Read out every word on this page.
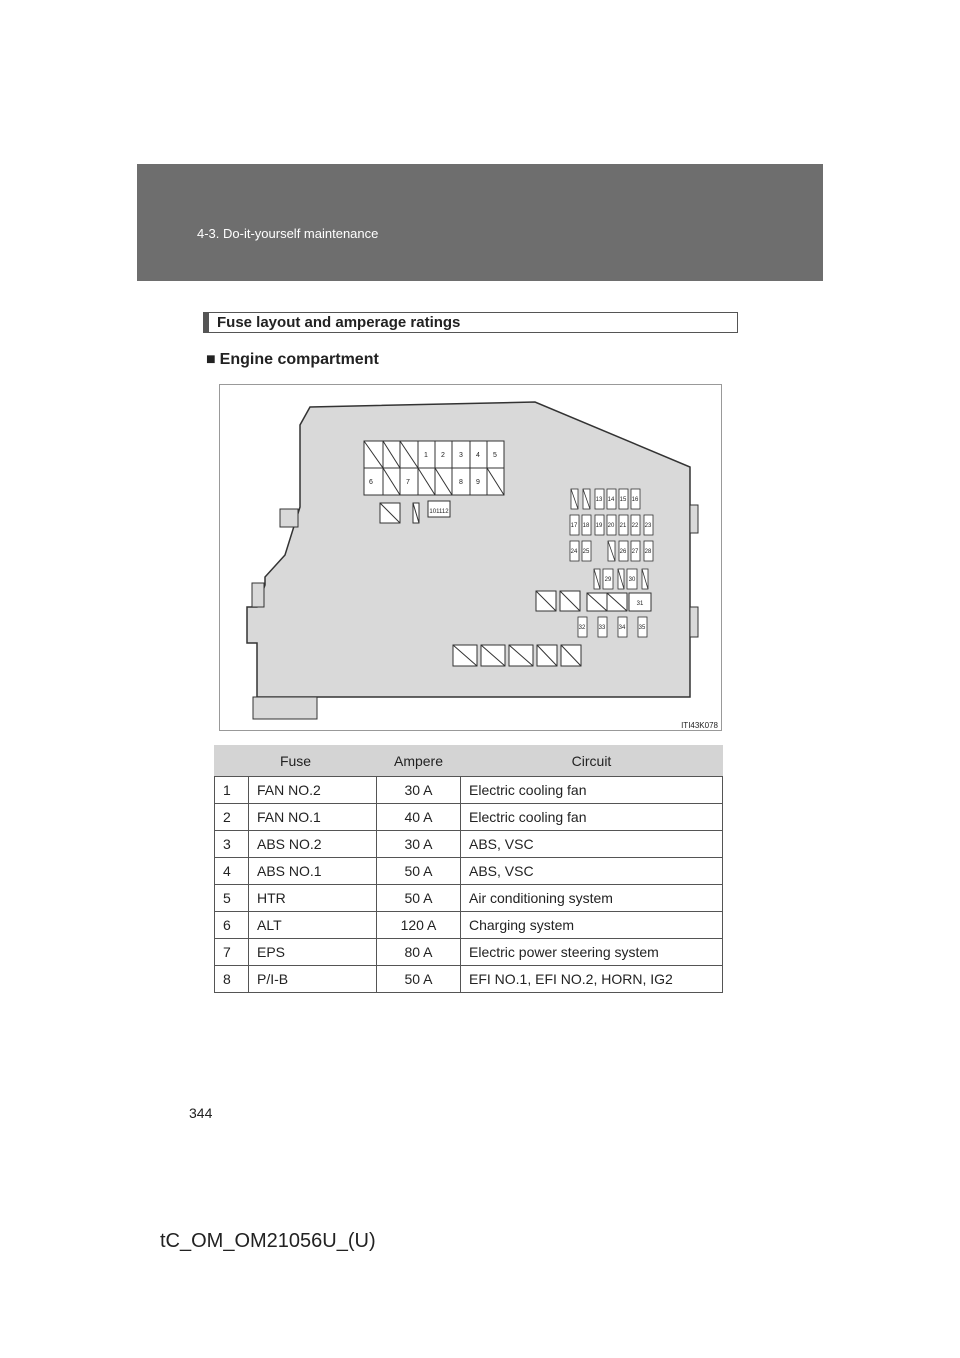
4-3. Do-it-yourself maintenance
Fuse layout and amperage ratings
■ Engine compartment
1 2 3 4 5
6	7	8 9
101112
13 14 15 16
17 18 19 20 21 22 23
24 25	26 27 28
29	30
31
32 33 34 35
ITI43K078
Fuse		Ampere	Circuit
1	FAN NO.2	30 A	Electric cooling fan
2	FAN NO.1	40 A	Electric cooling fan
3	ABS NO.2	30 A	ABS, VSC
4	ABS NO.1	50 A	ABS, VSC
5	HTR	50 A	Air conditioning system
6	ALT	120 A	Charging system
7	EPS	80 A	Electric power steering system
8	P/I-B	50 A	EFI NO.1, EFI NO.2, HORN, IG2
344
tC_OM_OM21056U_(U)
